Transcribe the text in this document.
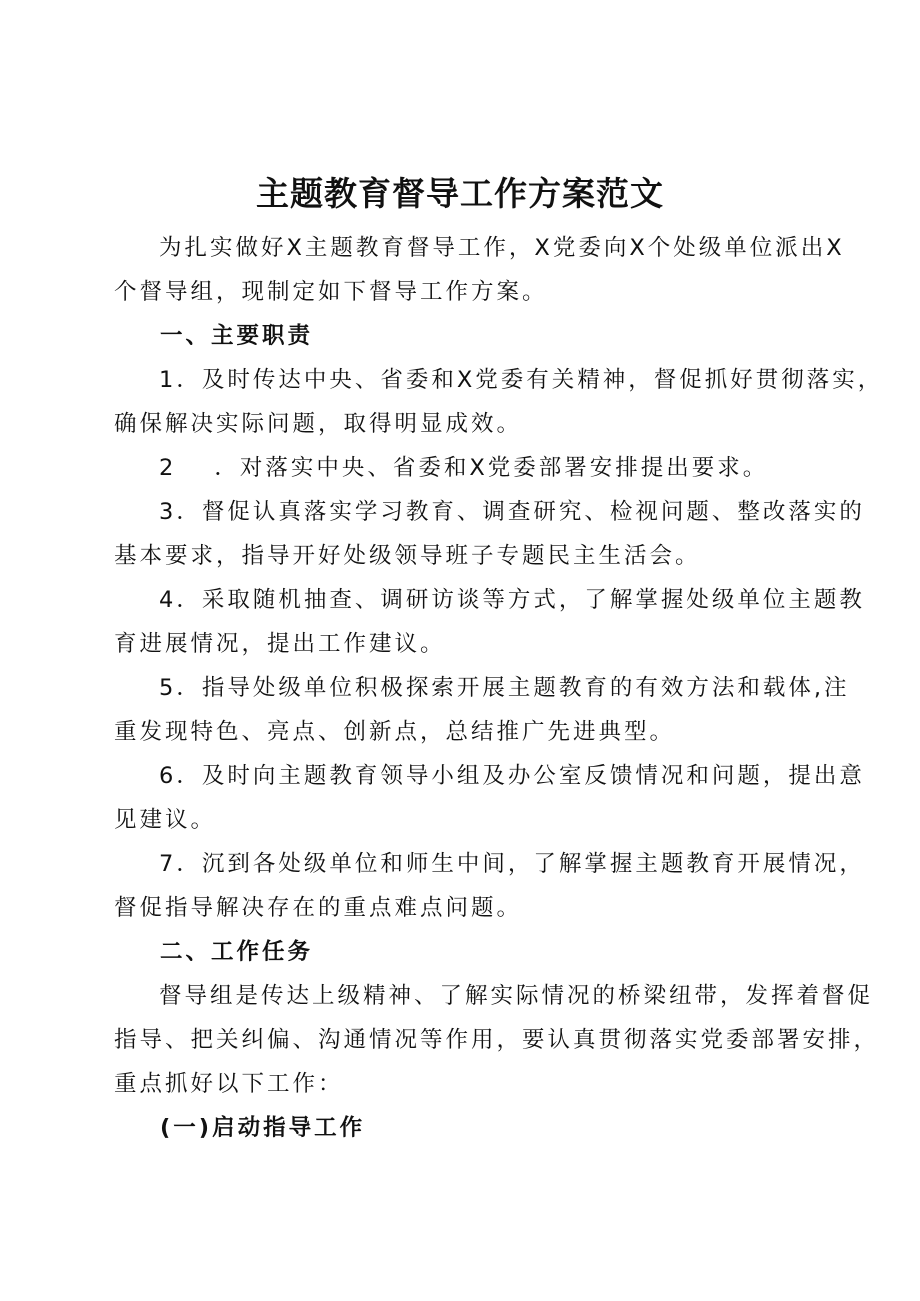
主题教育督导工作方案范文

为扎实做好X主题教育督导工作，X党委向X个处级单位派出X
个督导组，现制定如下督导工作方案。

一、主要职责

1．及时传达中央、省委和X党委有关精神，督促抓好贯彻落实，
确保解决实际问题，取得明显成效。

2 ．对落实中央、省委和X党委部署安排提出要求。

3．督促认真落实学习教育、调查研究、检视问题、整改落实的
基本要求，指导开好处级领导班子专题民主生活会。

4．采取随机抽查、调研访谈等方式，了解掌握处级单位主题教
育进展情况，提出工作建议。

5．指导处级单位积极探索开展主题教育的有效方法和载体,注
重发现特色、亮点、创新点，总结推广先进典型。

6．及时向主题教育领导小组及办公室反馈情况和问题，提出意
见建议。

7．沉到各处级单位和师生中间，了解掌握主题教育开展情况，
督促指导解决存在的重点难点问题。

二、工作任务

督导组是传达上级精神、了解实际情况的桥梁纽带，发挥着督促
指导、把关纠偏、沟通情况等作用，要认真贯彻落实党委部署安排，
重点抓好以下工作：

(一)启动指导工作
